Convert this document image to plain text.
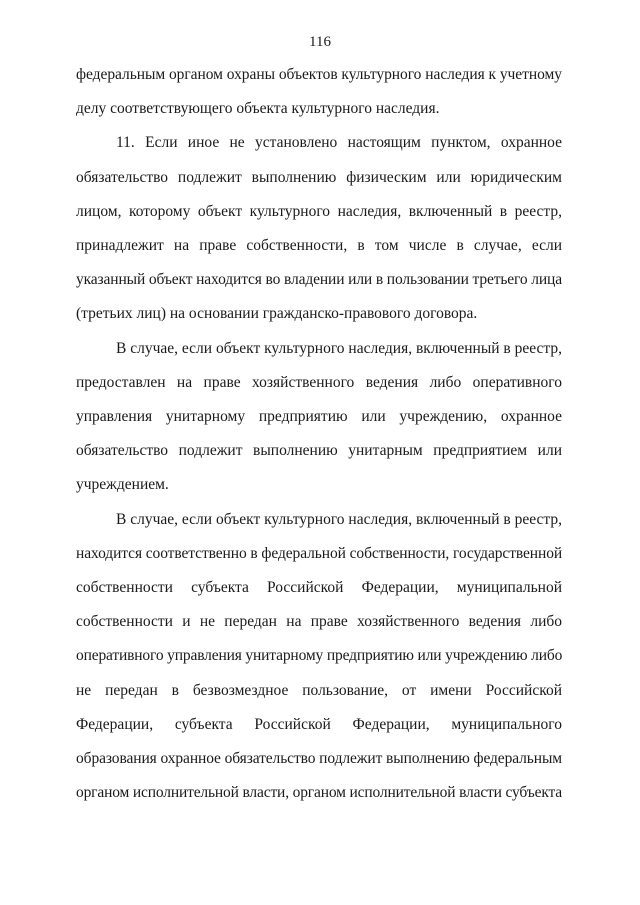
116
федеральным органом охраны объектов культурного наследия к учетному
делу соответствующего объекта культурного наследия.
11. Если иное не установлено настоящим пунктом, охранное
обязательство подлежит выполнению физическим или юридическим
лицом, которому объект культурного наследия, включенный в реестр,
принадлежит на праве собственности, в том числе в случае, если
указанный объект находится во владении или в пользовании третьего лица
(третьих лиц) на основании гражданско-правового договора.
В случае, если объект культурного наследия, включенный в реестр,
предоставлен на праве хозяйственного ведения либо оперативного
управления унитарному предприятию или учреждению, охранное
обязательство подлежит выполнению унитарным предприятием или
учреждением.
В случае, если объект культурного наследия, включенный в реестр,
находится соответственно в федеральной собственности, государственной
собственности субъекта Российской Федерации, муниципальной
собственности и не передан на праве хозяйственного ведения либо
оперативного управления унитарному предприятию или учреждению либо
не передан в безвозмездное пользование, от имени Российской
Федерации, субъекта Российской Федерации, муниципального
образования охранное обязательство подлежит выполнению федеральным
органом исполнительной власти, органом исполнительной власти субъекта
